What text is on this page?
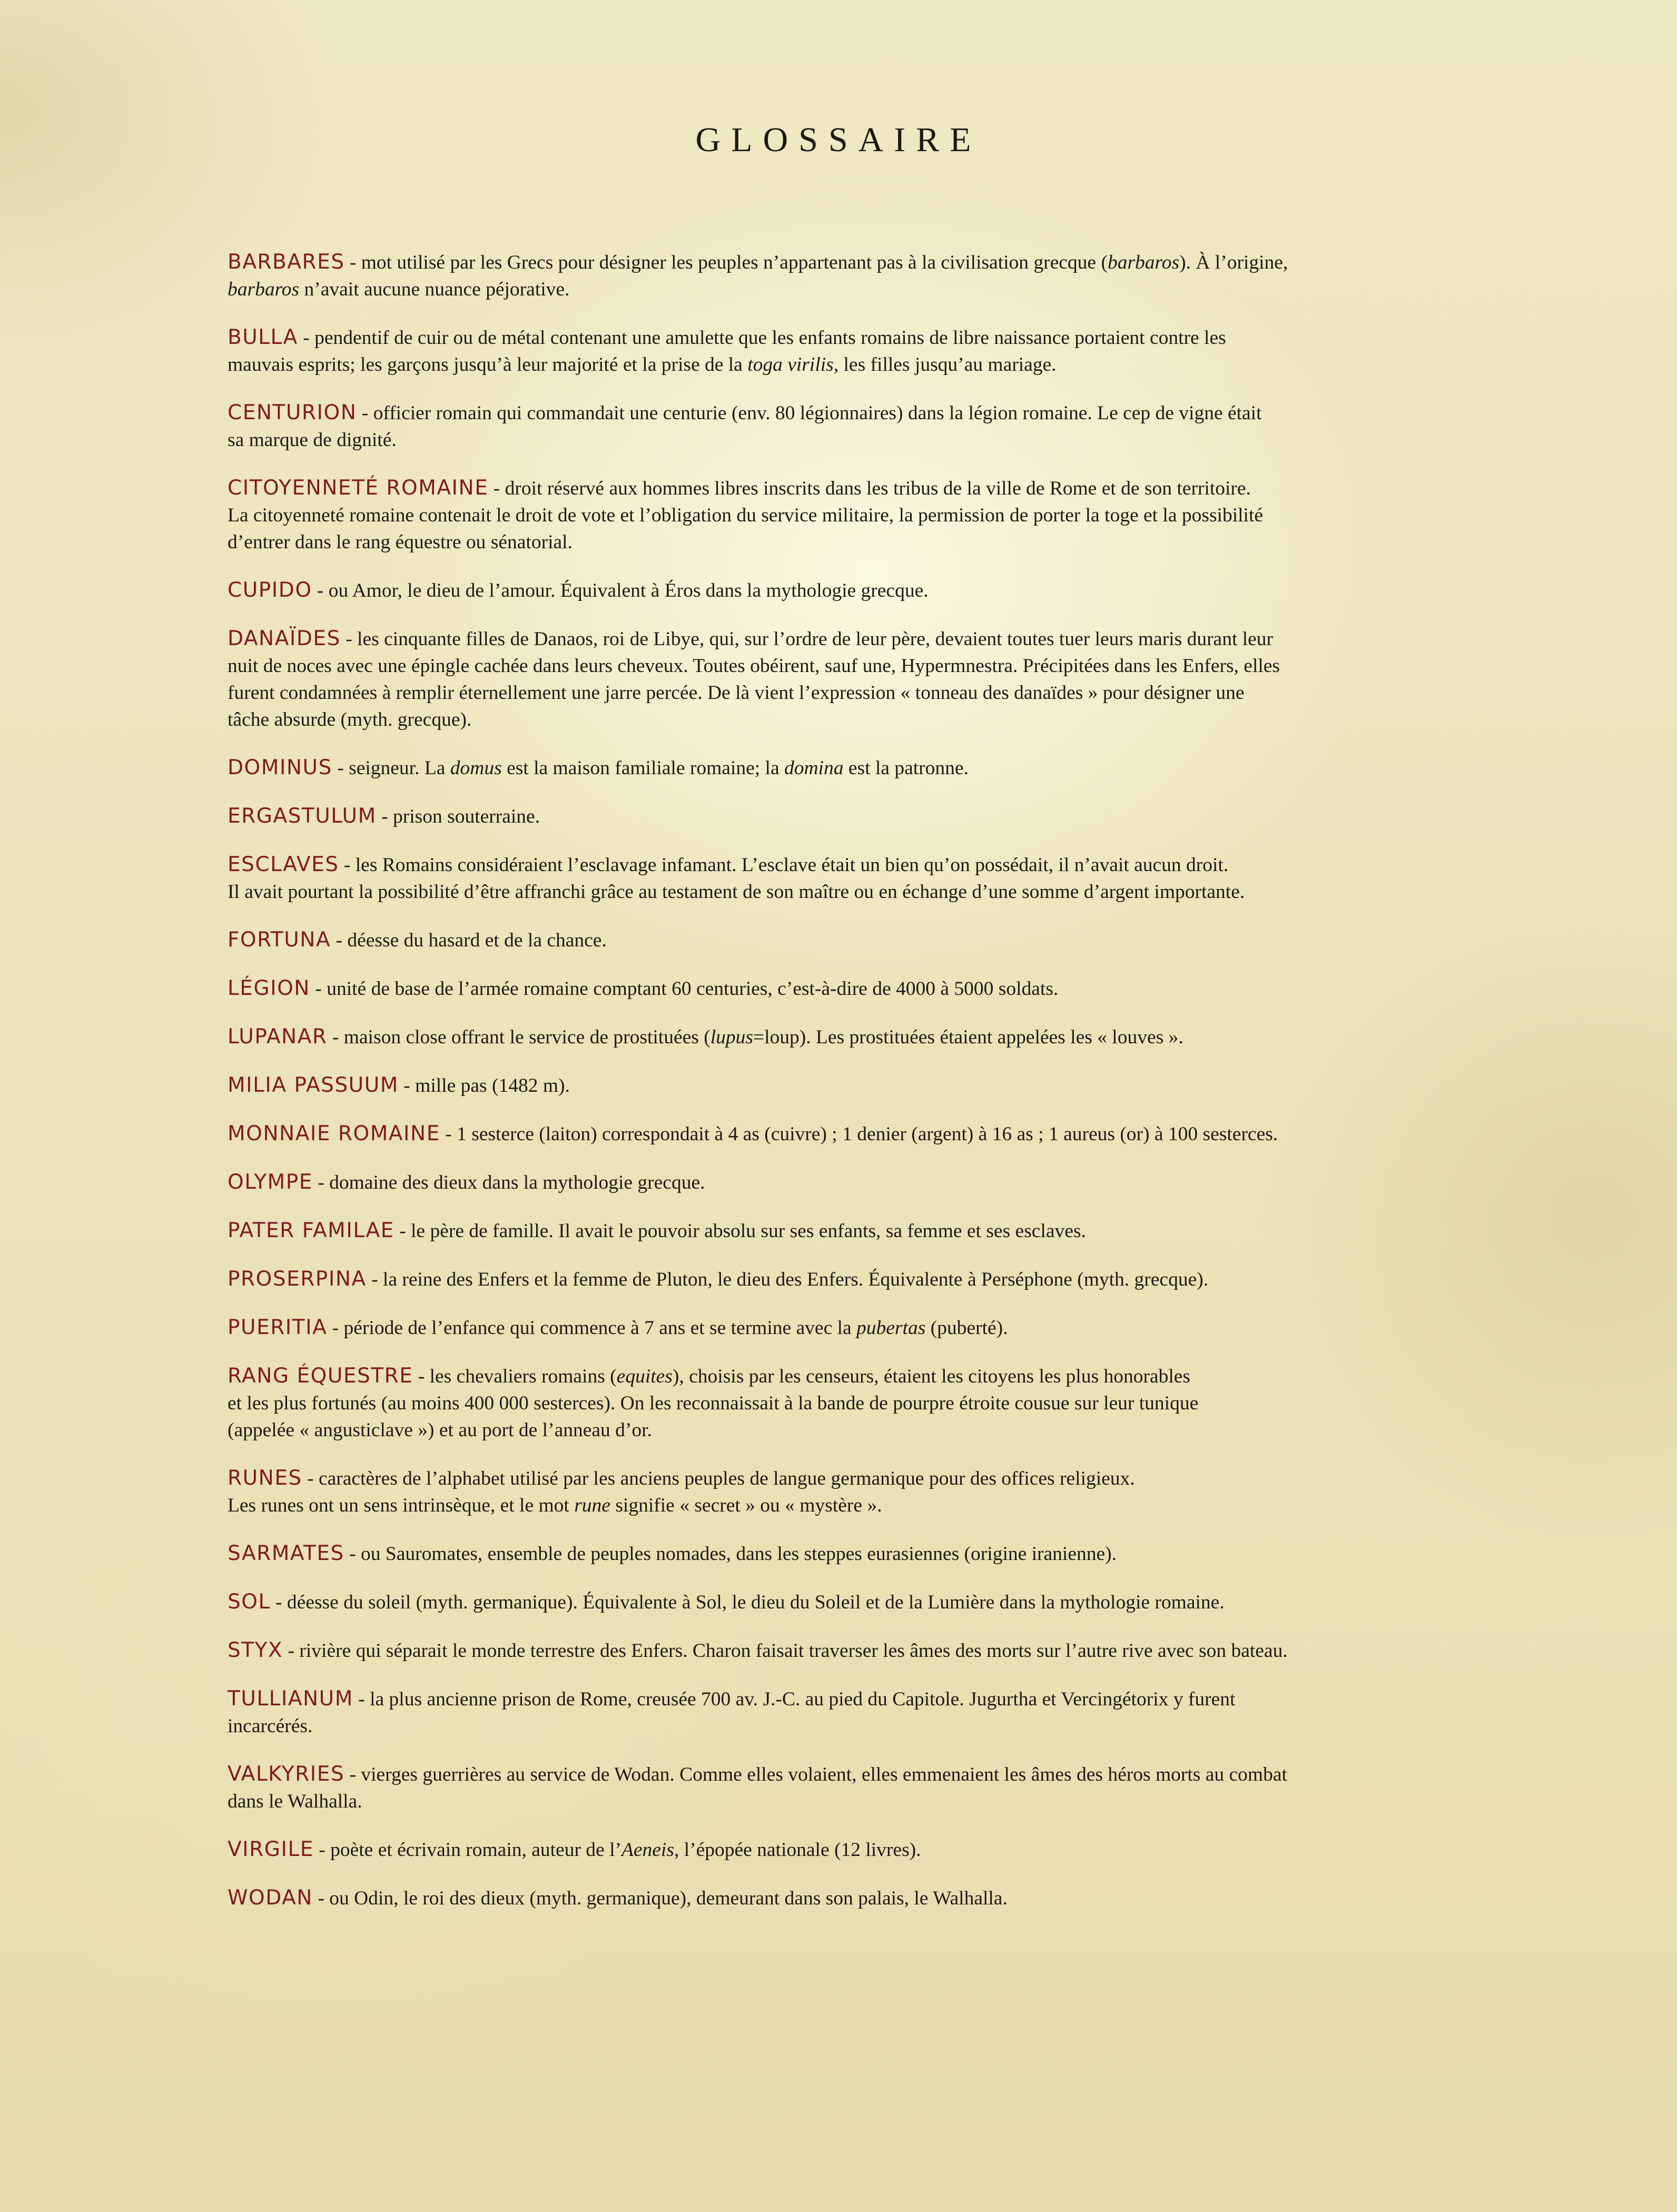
GLOSSAIRE

BARBARES - mot utilisé par les Grecs pour désigner les peuples n’appartenant pas à la civilisation grecque (barbaros). À l’origine,
barbaros n’avait aucune nuance péjorative.

BULLA - pendentif de cuir ou de métal contenant une amulette que les enfants romains de libre naissance portaient contre les
mauvais esprits; les garçons jusqu’à leur majorité et la prise de la toga virilis, les filles jusqu’au mariage.

CENTURION - officier romain qui commandait une centurie (env. 80 légionnaires) dans la légion romaine. Le cep de vigne était
sa marque de dignité.

CITOYENNETÉ ROMAINE - droit réservé aux hommes libres inscrits dans les tribus de la ville de Rome et de son territoire.
La citoyenneté romaine contenait le droit de vote et l’obligation du service militaire, la permission de porter la toge et la possibilité
d’entrer dans le rang équestre ou sénatorial.

CUPIDO - ou Amor, le dieu de l’amour. Équivalent à Éros dans la mythologie grecque.

DANAÏDES - les cinquante filles de Danaos, roi de Libye, qui, sur l’ordre de leur père, devaient toutes tuer leurs maris durant leur
nuit de noces avec une épingle cachée dans leurs cheveux. Toutes obéirent, sauf une, Hypermnestra. Précipitées dans les Enfers, elles
furent condamnées à remplir éternellement une jarre percée. De là vient l’expression « tonneau des danaïdes » pour désigner une
tâche absurde (myth. grecque).

DOMINUS - seigneur. La domus est la maison familiale romaine; la domina est la patronne.

ERGASTULUM - prison souterraine.

ESCLAVES - les Romains considéraient l’esclavage infamant. L’esclave était un bien qu’on possédait, il n’avait aucun droit.
Il avait pourtant la possibilité d’être affranchi grâce au testament de son maître ou en échange d’une somme d’argent importante.

FORTUNA - déesse du hasard et de la chance.

LÉGION - unité de base de l’armée romaine comptant 60 centuries, c’est-à-dire de 4000 à 5000 soldats.

LUPANAR - maison close offrant le service de prostituées (lupus=loup). Les prostituées étaient appelées les « louves ».

MILIA PASSUUM - mille pas (1482 m).

MONNAIE ROMAINE - 1 sesterce (laiton) correspondait à 4 as (cuivre) ; 1 denier (argent) à 16 as ; 1 aureus (or) à 100 sesterces.

OLYMPE - domaine des dieux dans la mythologie grecque.

PATER FAMILAE - le père de famille. Il avait le pouvoir absolu sur ses enfants, sa femme et ses esclaves.

PROSERPINA - la reine des Enfers et la femme de Pluton, le dieu des Enfers. Équivalente à Perséphone (myth. grecque).

PUERITIA - période de l’enfance qui commence à 7 ans et se termine avec la pubertas (puberté).

RANG ÉQUESTRE - les chevaliers romains (equites), choisis par les censeurs, étaient les citoyens les plus honorables
et les plus fortunés (au moins 400 000 sesterces). On les reconnaissait à la bande de pourpre étroite cousue sur leur tunique
(appelée « angusticlave ») et au port de l’anneau d’or.

RUNES - caractères de l’alphabet utilisé par les anciens peuples de langue germanique pour des offices religieux.
Les runes ont un sens intrinsèque, et le mot rune signifie « secret » ou « mystère ».

SARMATES - ou Sauromates, ensemble de peuples nomades, dans les steppes eurasiennes (origine iranienne).

SOL - déesse du soleil (myth. germanique). Équivalente à Sol, le dieu du Soleil et de la Lumière dans la mythologie romaine.

STYX - rivière qui séparait le monde terrestre des Enfers. Charon faisait traverser les âmes des morts sur l’autre rive avec son bateau.

TULLIANUM - la plus ancienne prison de Rome, creusée 700 av. J.-C. au pied du Capitole. Jugurtha et Vercingétorix y furent
incarcérés.

VALKYRIES - vierges guerrières au service de Wodan. Comme elles volaient, elles emmenaient les âmes des héros morts au combat
dans le Walhalla.

VIRGILE - poète et écrivain romain, auteur de l’Aeneis, l’épopée nationale (12 livres).

WODAN - ou Odin, le roi des dieux (myth. germanique), demeurant dans son palais, le Walhalla.
